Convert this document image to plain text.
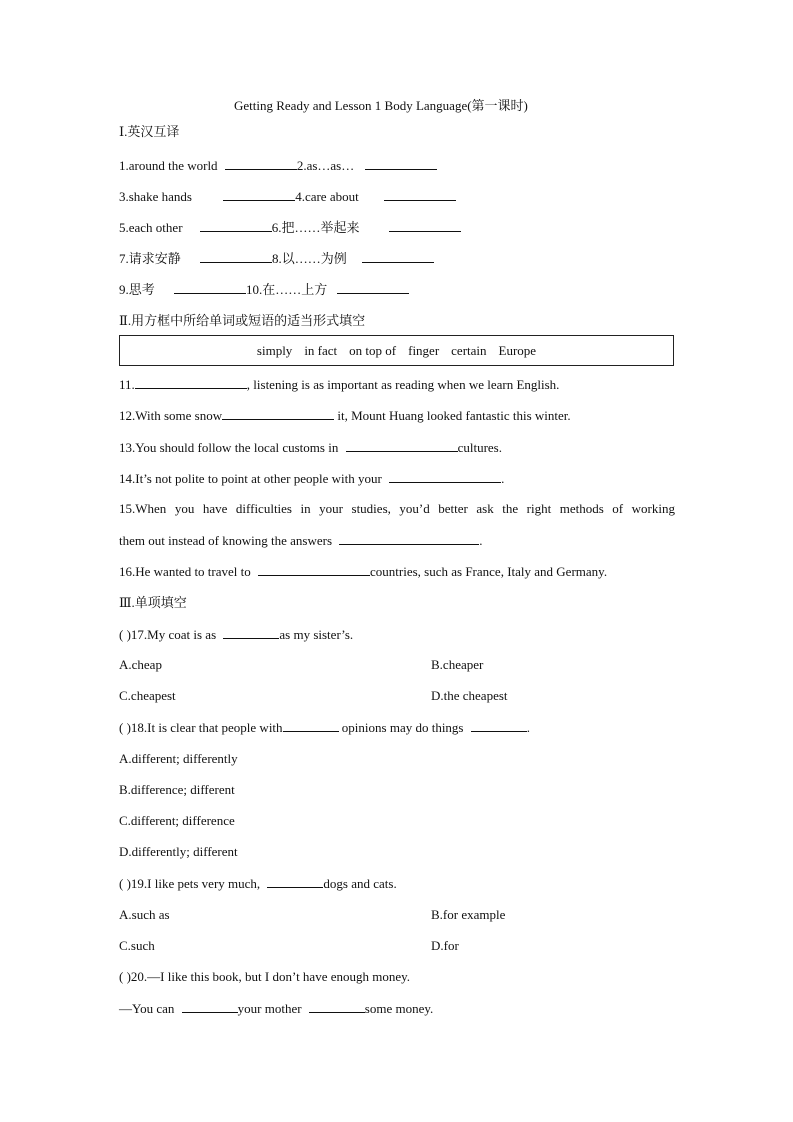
Getting Ready and Lesson 1 Body Language(第一课时)
Ⅰ.英汉互译
1.around the world	2.as…as…
3.shake hands	4.care about
5.each other	6.把……举起来
7.请求安静	8.以……为例
9.思考	10.在……上方
Ⅱ.用方框中所给单词或短语的适当形式填空
simply in fact on top of finger certain Europe
11.	, listening is as important as reading when we learn English.
12.With some snow	it, Mount Huang looked fantastic this winter.
13.You should follow the local customs in	cultures.
14.It’s not polite to point at other people with your	.
15.When you have difficulties in your studies, you’d better ask the right methods of working
them out instead of knowing the answers	.
16.He wanted to travel to	countries, such as France, Italy and Germany.
Ⅲ.单项填空
( )17.My coat is as	as my sister’s.
A.cheap	B.cheaper
C.cheapest	D.the cheapest
( )18.It is clear that people with	opinions may do things	.
A.different; differently
B.difference; different
C.different; difference
D.differently; different
( )19.I like pets very much,	dogs and cats.
A.such as	B.for example
C.such	D.for
( )20.—I like this book, but I don’t have enough money.
—You can	your mother	some money.
